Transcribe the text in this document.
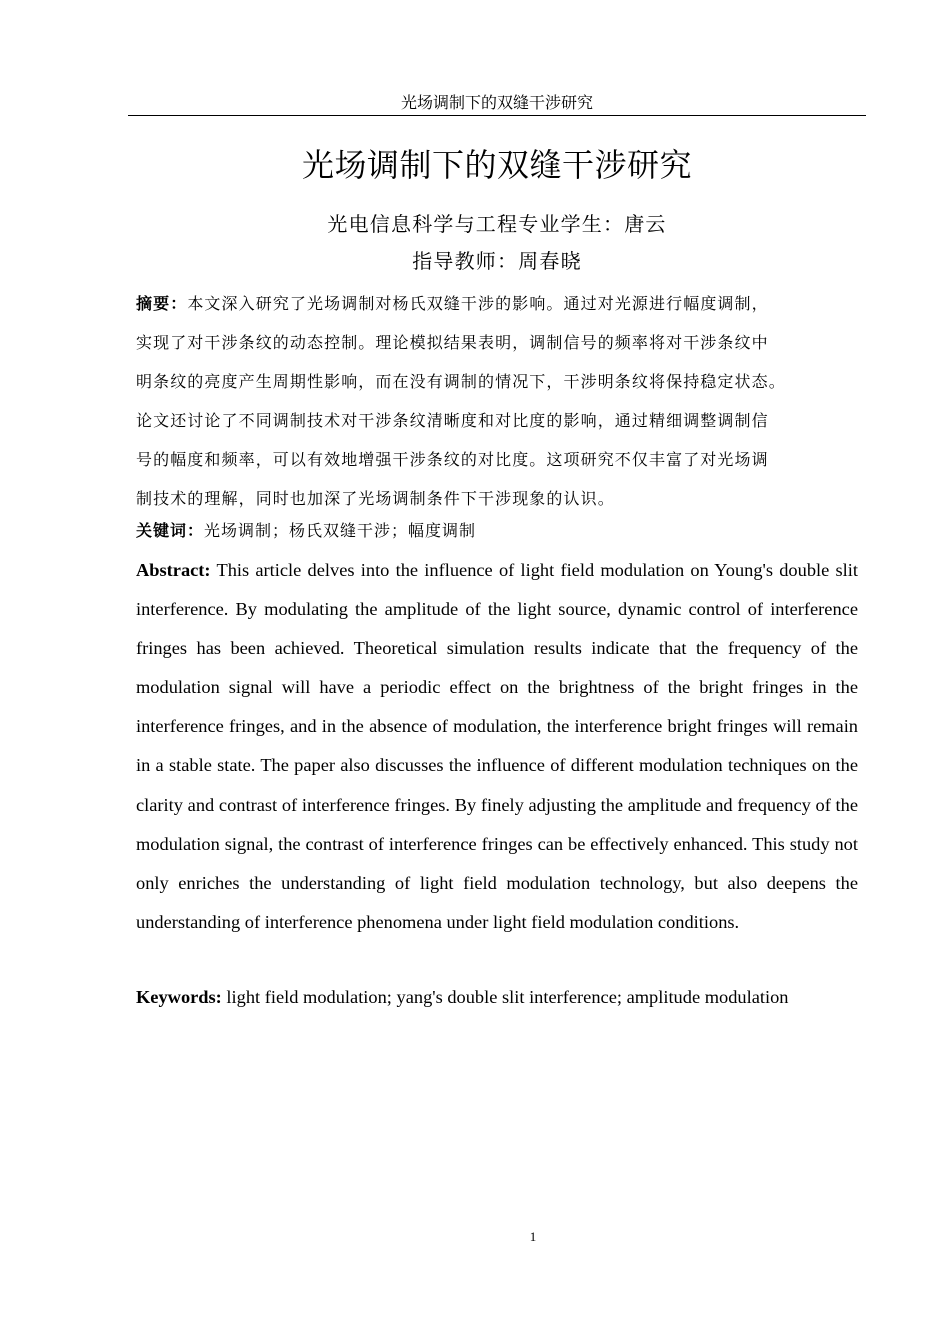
光场调制下的双缝干涉研究
光场调制下的双缝干涉研究
光电信息科学与工程专业学生：唐云
指导教师：周春晓

摘要：本文深入研究了光场调制对杨氏双缝干涉的影响。通过对光源进行幅度调制，
实现了对干涉条纹的动态控制。理论模拟结果表明，调制信号的频率将对干涉条纹中
明条纹的亮度产生周期性影响，而在没有调制的情况下，干涉明条纹将保持稳定状态。
论文还讨论了不同调制技术对干涉条纹清晰度和对比度的影响，通过精细调整调制信
号的幅度和频率，可以有效地增强干涉条纹的对比度。这项研究不仅丰富了对光场调
制技术的理解，同时也加深了光场调制条件下干涉现象的认识。

关键词：光场调制；杨氏双缝干涉；幅度调制

Abstract: This article delves into the influence of light field modulation on Young's double slit interference. By modulating the amplitude of the light source, dynamic control of interference fringes has been achieved. Theoretical simulation results indicate that the frequency of the modulation signal will have a periodic effect on the brightness of the bright fringes in the interference fringes, and in the absence of modulation, the interference bright fringes will remain in a stable state. The paper also discusses the influence of different modulation techniques on the clarity and contrast of interference fringes. By finely adjusting the amplitude and frequency of the modulation signal, the contrast of interference fringes can be effectively enhanced. This study not only enriches the understanding of light field modulation technology, but also deepens the understanding of interference phenomena under light field modulation conditions.

Keywords: light field modulation; yang's double slit interference; amplitude modulation

1
